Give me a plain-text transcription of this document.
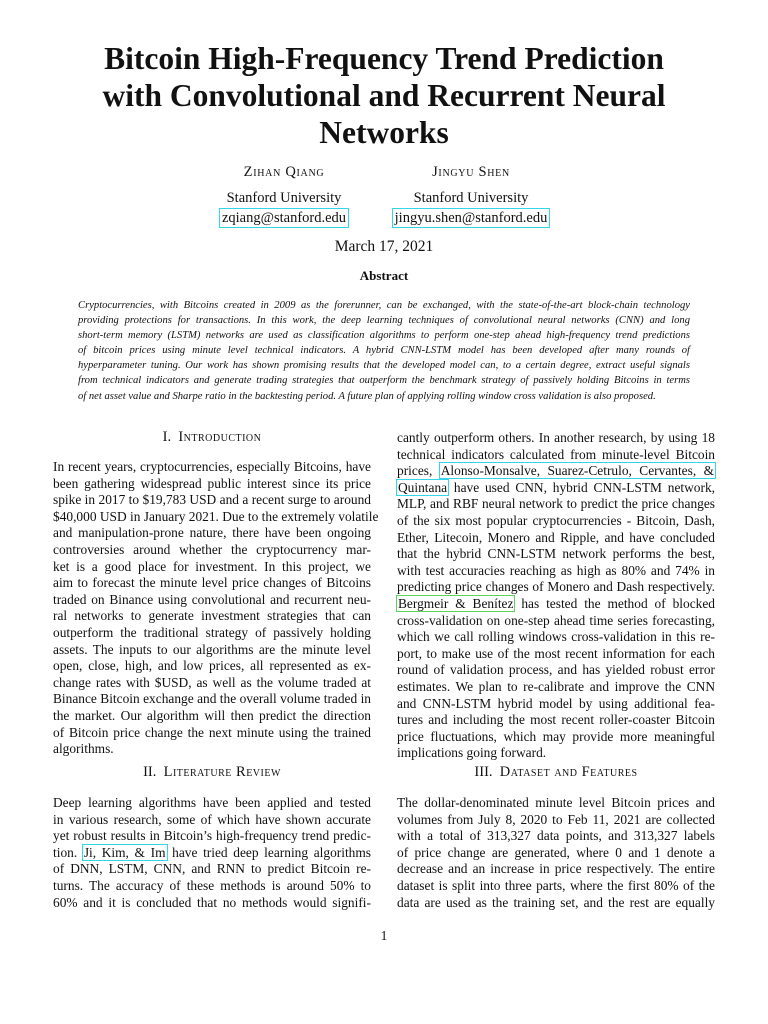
Bitcoin High-Frequency Trend Prediction
with Convolutional and Recurrent Neural
Networks
Zihan Qiang
Stanford University
zqiang@stanford.edu
Jingyu Shen
Stanford University
jingyu.shen@stanford.edu
March 17, 2021
Abstract
Cryptocurrencies, with Bitcoins created in 2009 as the forerunner, can be exchanged, with the state-of-the-art block-chain technology
providing protections for transactions. In this work, the deep learning techniques of convolutional neural networks (CNN) and long
short-term memory (LSTM) networks are used as classification algorithms to perform one-step ahead high-frequency trend predictions
of bitcoin prices using minute level technical indicators. A hybrid CNN-LSTM model has been developed after many rounds of
hyperparameter tuning. Our work has shown promising results that the developed model can, to a certain degree, extract useful signals
from technical indicators and generate trading strategies that outperform the benchmark strategy of passively holding Bitcoins in terms
of net asset value and Sharpe ratio in the backtesting period. A future plan of applying rolling window cross validation is also proposed.
I. Introduction
In recent years, cryptocurrencies, especially Bitcoins, have
been gathering widespread public interest since its price
spike in 2017 to $19,783 USD and a recent surge to around
$40,000 USD in January 2021. Due to the extremely volatile
and manipulation-prone nature, there have been ongoing
controversies around whether the cryptocurrency mar-
ket is a good place for investment. In this project, we
aim to forecast the minute level price changes of Bitcoins
traded on Binance using convolutional and recurrent neu-
ral networks to generate investment strategies that can
outperform the traditional strategy of passively holding
assets. The inputs to our algorithms are the minute level
open, close, high, and low prices, all represented as ex-
change rates with $USD, as well as the volume traded at
Binance Bitcoin exchange and the overall volume traded in
the market. Our algorithm will then predict the direction
of Bitcoin price change the next minute using the trained
algorithms.
II. Literature Review
Deep learning algorithms have been applied and tested
in various research, some of which have shown accurate
yet robust results in Bitcoin’s high-frequency trend predic-
tion. Ji, Kim, & Im have tried deep learning algorithms
of DNN, LSTM, CNN, and RNN to predict Bitcoin re-
turns. The accuracy of these methods is around 50% to
60% and it is concluded that no methods would signifi-
cantly outperform others. In another research, by using 18
technical indicators calculated from minute-level Bitcoin
prices, Alonso-Monsalve, Suarez-Cetrulo, Cervantes, &
Quintana have used CNN, hybrid CNN-LSTM network,
MLP, and RBF neural network to predict the price changes
of the six most popular cryptocurrencies - Bitcoin, Dash,
Ether, Litecoin, Monero and Ripple, and have concluded
that the hybrid CNN-LSTM network performs the best,
with test accuracies reaching as high as 80% and 74% in
predicting price changes of Monero and Dash respectively.
Bergmeir & Benítez has tested the method of blocked
cross-validation on one-step ahead time series forecasting,
which we call rolling windows cross-validation in this re-
port, to make use of the most recent information for each
round of validation process, and has yielded robust error
estimates. We plan to re-calibrate and improve the CNN
and CNN-LSTM hybrid model by using additional fea-
tures and including the most recent roller-coaster Bitcoin
price fluctuations, which may provide more meaningful
implications going forward.
III. Dataset and Features
The dollar-denominated minute level Bitcoin prices and
volumes from July 8, 2020 to Feb 11, 2021 are collected
with a total of 313,327 data points, and 313,327 labels
of price change are generated, where 0 and 1 denote a
decrease and an increase in price respectively. The entire
dataset is split into three parts, where the first 80% of the
data are used as the training set, and the rest are equally
1
